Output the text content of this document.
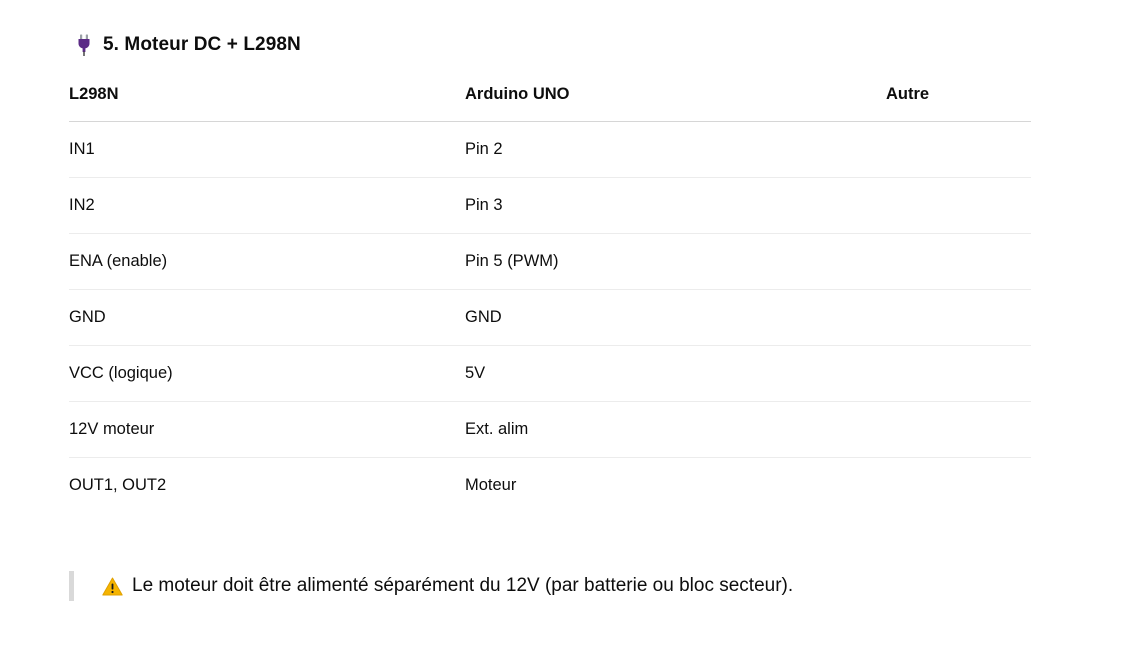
5. Moteur DC + L298N
L298N	Arduino UNO	Autre
IN1	Pin 2	
IN2	Pin 3	
ENA (enable)	Pin 5 (PWM)	
GND	GND	
VCC (logique)	5V	
12V moteur	Ext. alim	
OUT1, OUT2	Moteur	
Le moteur doit être alimenté séparément du 12V (par batterie ou bloc secteur).
